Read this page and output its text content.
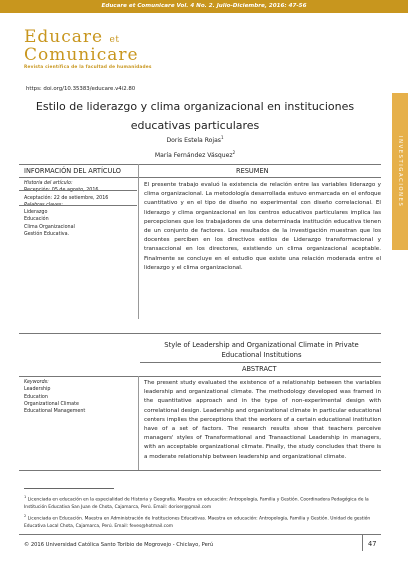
Educare et Comunicare Vol. 4 No. 2. Julio-Diciembre, 2016: 47-56
Educare et
Comunicare
Revista científica de la facultad de humanidades
https: doi.org/10.35383/educare.v4i2.80
INVESTIGACIONES
Estilo de liderazgo y clima organizacional en instituciones
educativas particulares
Doris Estela Rojas$^1$
María Fernández Vásquez$^2$
INFORMACIÓN DEL ARTÍCULO	RESUMEN
Historia del artículo:
Aceptación: 22 de setiembre, 2016
Liderazgo
Educación
Clima Organizacional
Gestión Educativa.
El presente trabajo evaluó la existencia de relación entre las variables liderazgo y clima organizacional. La metodología desarrollada estuvo enmarcada en el enfoque cuantitativo y en el tipo de diseño no experimental con diseño correlacional. El liderazgo y clima organizacional en los centros educativos particulares implica las percepciones que los trabajadores de una determinada institución educativa tienen de un conjunto de factores. Los resultados de la investigación muestran que los docentes perciben en los directivos estilos de Liderazgo transformacional y transaccional en los directores, existiendo un clima organizacional aceptable. Finalmente se concluye en el estudio que existe una relación moderada entre el liderazgo y el clima organizacional.
Style of Leadership and Organizational Climate in Private
Educational Institutions
ABSTRACT
Keywords:
Leadership
Education
Organizational Climate
Educational Management
The present study evaluated the existence of a relationship between the variables leadership and organizational climate. The methodology developed was framed in the quantitative approach and in the type of non-experimental design with correlational design. Leadership and organizational climate in particular educational centers implies the perceptions that the workers of a certain educational institution have of a set of factors. The research results show that teachers perceive managers' styles of Transformational and Transactional Leadership in managers, with an acceptable organizational climate. Finally, the study concludes that there is a moderate relationship between leadership and organizational climate.
$^1$ Licenciada en educación en la especialidad de Historia y Geografía. Maestra en educación: Antropología, Familia y Gestión. Coordinadora Pedagógica de la Institución Educativa San Juan de Chota, Cajamarca, Perú. Email: doriser@gmail.com
$^2$ Licenciada en Educación. Maestra en Administración de Instituciones Educativas. Maestra en educación: Antropología, Familia y Gestión. Unidad de gestión Educativa Local Chota, Cajamarca, Perú. Email: feves@hotmail.com
© 2016 Universidad Católica Santo Toribio de Mogrovejo - Chiclayo, Perú	47
